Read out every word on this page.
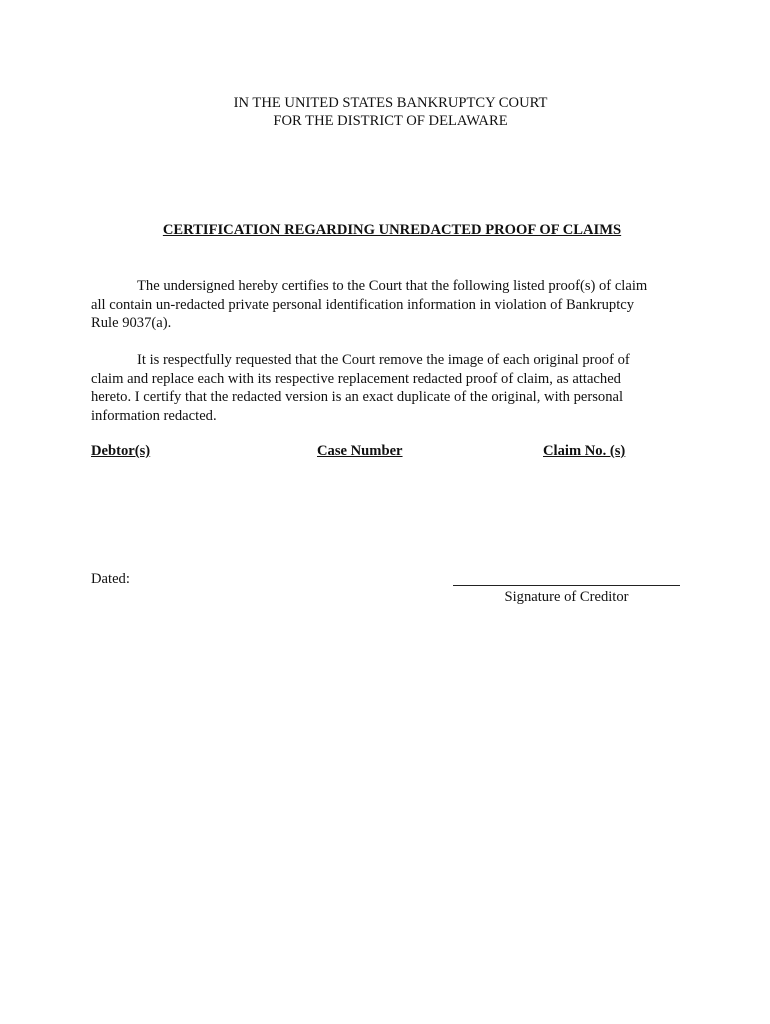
IN THE UNITED STATES BANKRUPTCY COURT
FOR THE DISTRICT OF DELAWARE
CERTIFICATION REGARDING UNREDACTED PROOF OF CLAIMS
The undersigned hereby certifies to the Court that the following listed proof(s) of claim
all contain un-redacted private personal identification information in violation of Bankruptcy
Rule 9037(a).
It is respectfully requested that the Court remove the image of each original proof of
claim and replace each with its respective replacement redacted proof of claim, as attached
hereto. I certify that the redacted version is an exact duplicate of the original, with personal
information redacted.
Debtor(s)	Case Number	Claim No. (s)
Dated:
Signature of Creditor
